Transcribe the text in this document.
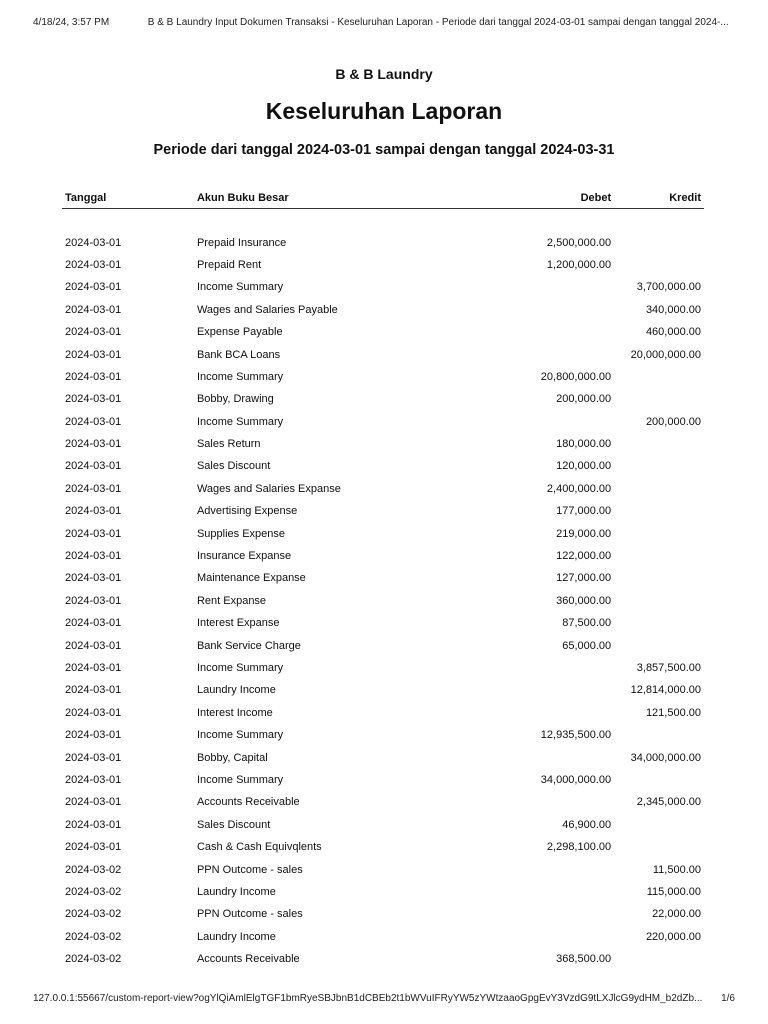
4/18/24, 3:57 PM	B & B Laundry Input Dokumen Transaksi - Keseluruhan Laporan - Periode dari tanggal 2024-03-01 sampai dengan tanggal 2024-...
B & B Laundry
Keseluruhan Laporan
Periode dari tanggal 2024-03-01 sampai dengan tanggal 2024-03-31
Tanggal	Akun Buku Besar	Debet	Kredit

2024-03-01	Prepaid Insurance	2,500,000.00	
2024-03-01	Prepaid Rent	1,200,000.00	
2024-03-01	Income Summary		3,700,000.00
2024-03-01	Wages and Salaries Payable		340,000.00
2024-03-01	Expense Payable		460,000.00
2024-03-01	Bank BCA Loans		20,000,000.00
2024-03-01	Income Summary	20,800,000.00	
2024-03-01	Bobby, Drawing	200,000.00	
2024-03-01	Income Summary		200,000.00
2024-03-01	Sales Return	180,000.00	
2024-03-01	Sales Discount	120,000.00	
2024-03-01	Wages and Salaries Expanse	2,400,000.00	
2024-03-01	Advertising Expense	177,000.00	
2024-03-01	Supplies Expense	219,000.00	
2024-03-01	Insurance Expanse	122,000.00	
2024-03-01	Maintenance Expanse	127,000.00	
2024-03-01	Rent Expanse	360,000.00	
2024-03-01	Interest Expanse	87,500.00	
2024-03-01	Bank Service Charge	65,000.00	
2024-03-01	Income Summary		3,857,500.00
2024-03-01	Laundry Income		12,814,000.00
2024-03-01	Interest Income		121,500.00
2024-03-01	Income Summary	12,935,500.00	
2024-03-01	Bobby, Capital		34,000,000.00
2024-03-01	Income Summary	34,000,000.00	
2024-03-01	Accounts Receivable		2,345,000.00
2024-03-01	Sales Discount	46,900.00	
2024-03-01	Cash & Cash Equivqlents	2,298,100.00	
2024-03-02	PPN Outcome - sales		11,500.00
2024-03-02	Laundry Income		115,000.00
2024-03-02	PPN Outcome - sales		22,000.00
2024-03-02	Laundry Income		220,000.00
2024-03-02	Accounts Receivable	368,500.00	
127.0.0.1:55667/custom-report-view?ogYlQiAmlElgTGF1bmRyeSBJbnB1dCBEb2t1bWVuIFRyYW5zYWtzaaoGpgEvY3VzdG9tLXJlcG9ydHM_b2dZb... 1/6
